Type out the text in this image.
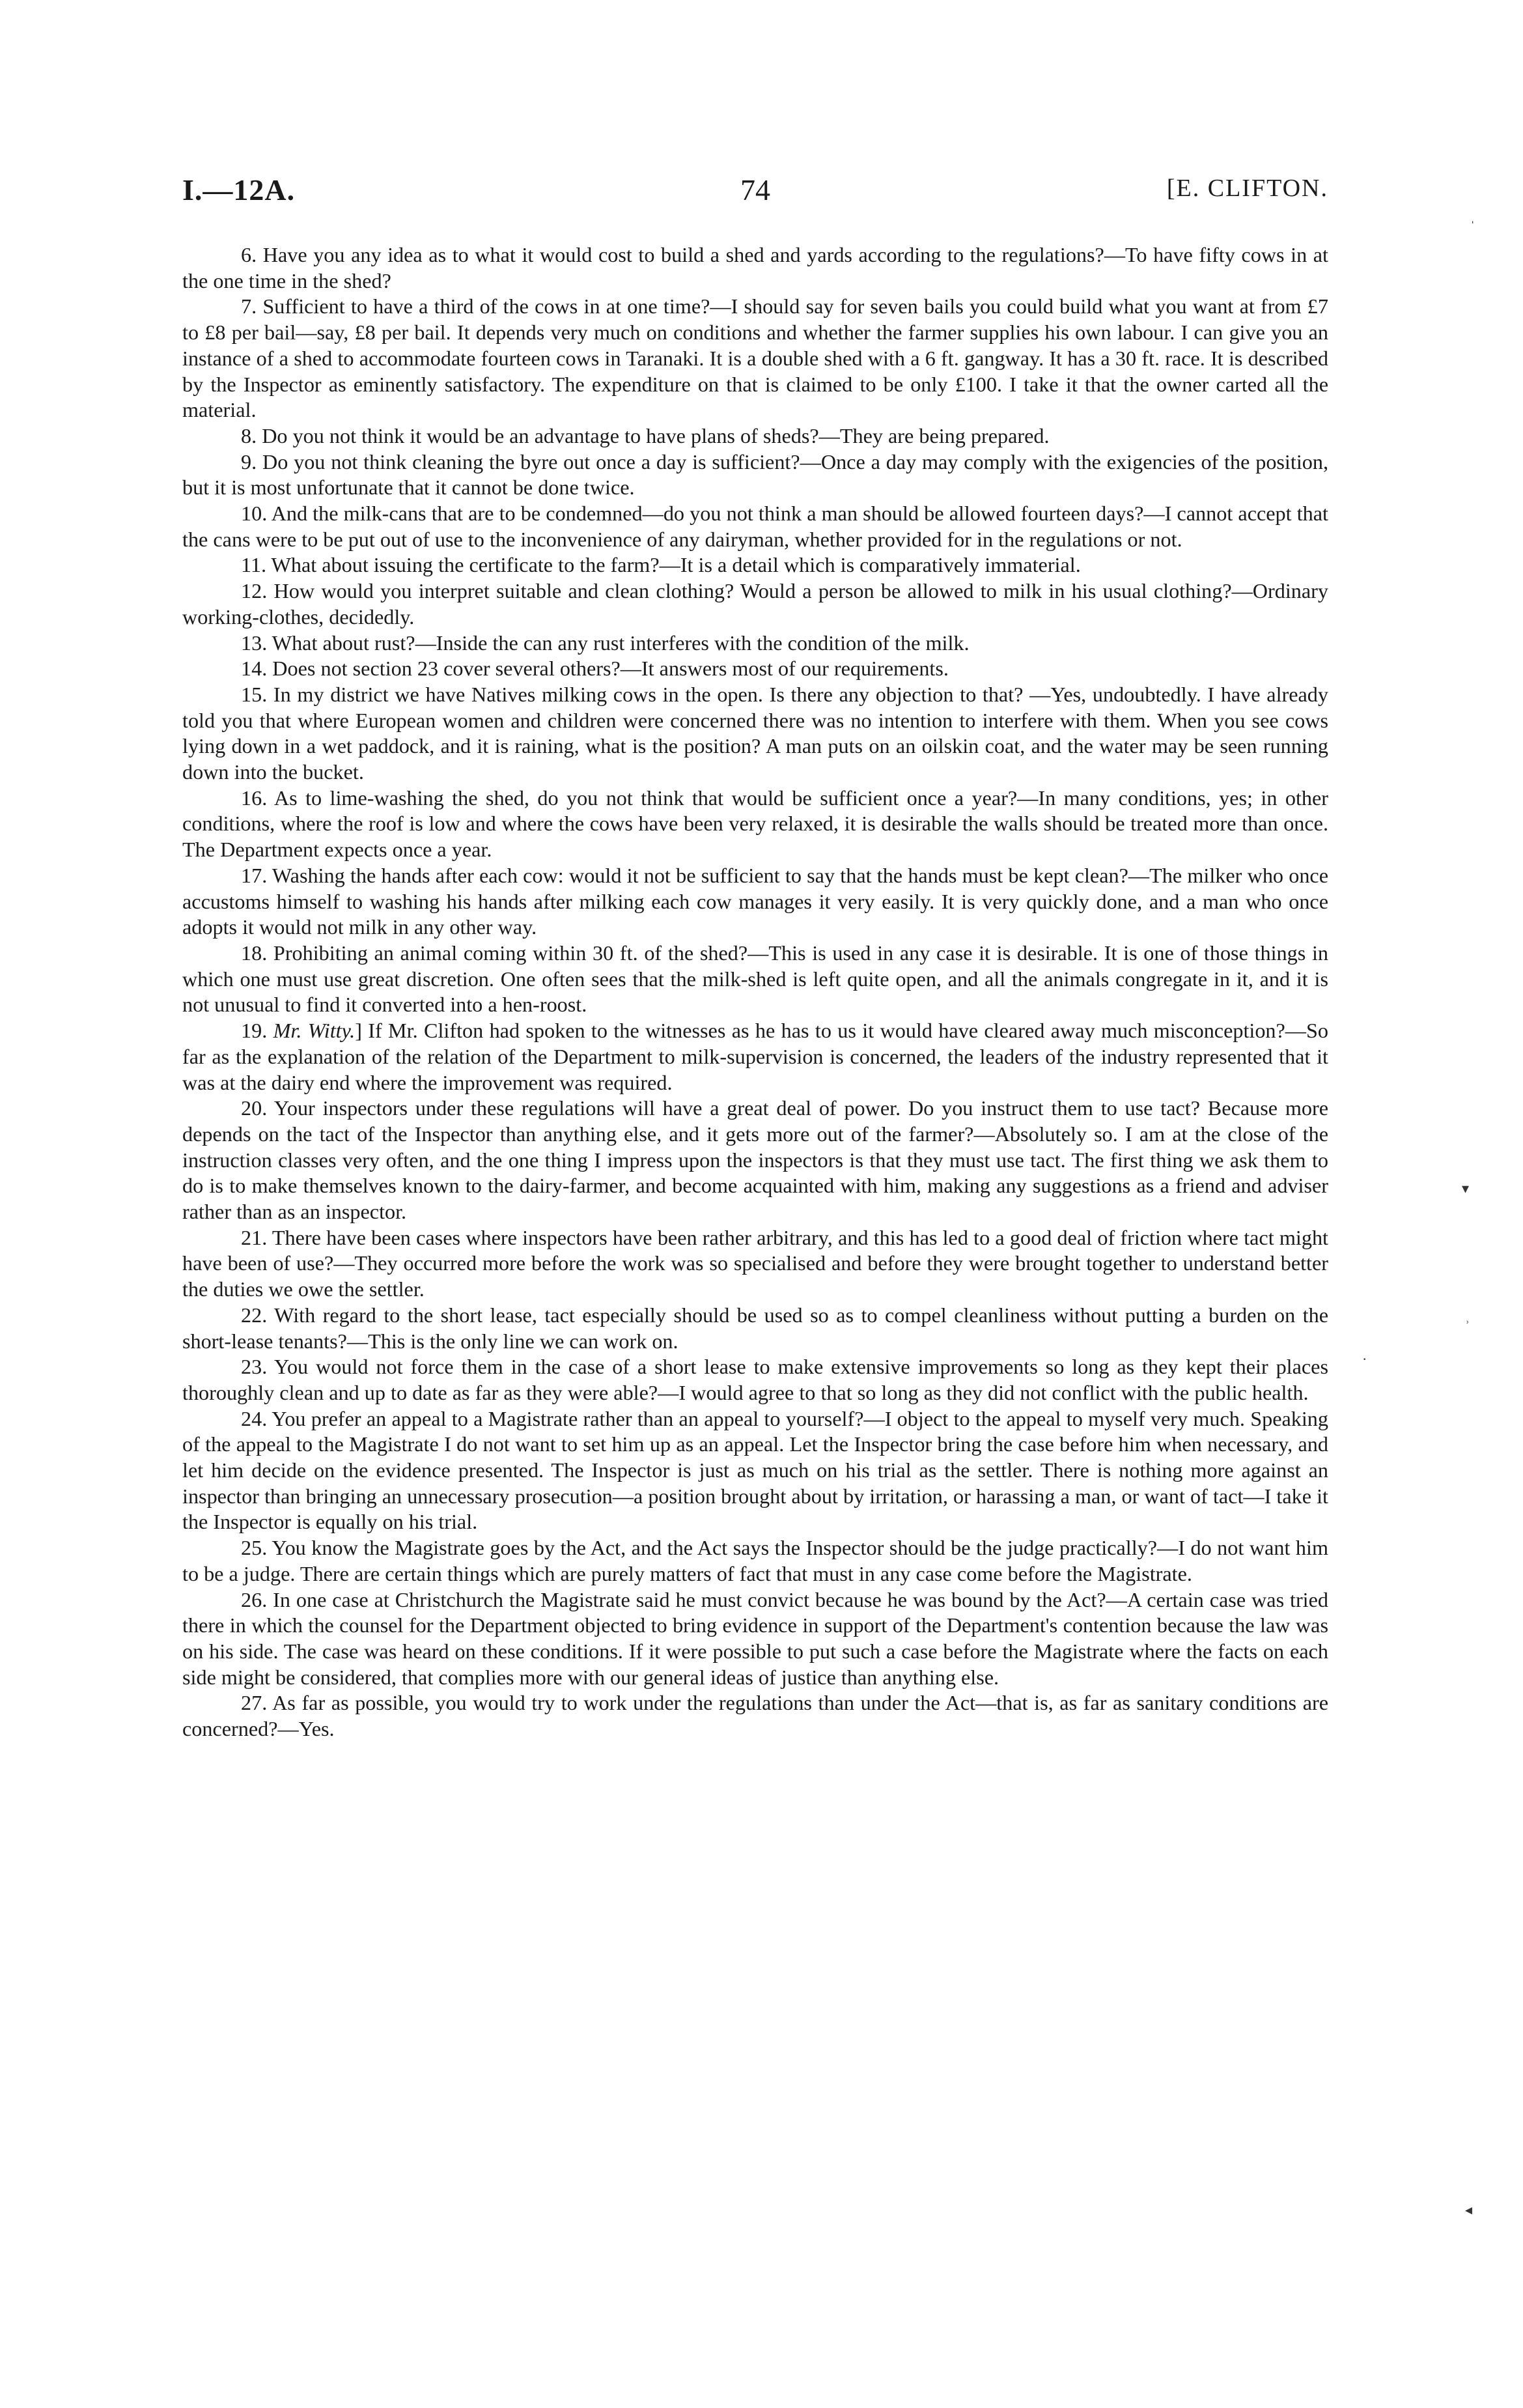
I.—12A.	74	[E. CLIFTON.

6. Have you any idea as to what it would cost to build a shed and yards according to the regulations?—To have fifty cows in at the one time in the shed?

7. Sufficient to have a third of the cows in at one time?—I should say for seven bails you could build what you want at from £7 to £8 per bail—say, £8 per bail. It depends very much on conditions and whether the farmer supplies his own labour. I can give you an instance of a shed to accommodate fourteen cows in Taranaki. It is a double shed with a 6 ft. gangway. It has a 30 ft. race. It is described by the Inspector as eminently satisfactory. The expenditure on that is claimed to be only £100. I take it that the owner carted all the material.

8. Do you not think it would be an advantage to have plans of sheds?—They are being prepared.

9. Do you not think cleaning the byre out once a day is sufficient?—Once a day may comply with the exigencies of the position, but it is most unfortunate that it cannot be done twice.

10. And the milk-cans that are to be condemned—do you not think a man should be allowed fourteen days?—I cannot accept that the cans were to be put out of use to the inconvenience of any dairyman, whether provided for in the regulations or not.

11. What about issuing the certificate to the farm?—It is a detail which is comparatively immaterial.

12. How would you interpret suitable and clean clothing? Would a person be allowed to milk in his usual clothing?—Ordinary working-clothes, decidedly.

13. What about rust?—Inside the can any rust interferes with the condition of the milk.

14. Does not section 23 cover several others?—It answers most of our requirements.

15. In my district we have Natives milking cows in the open. Is there any objection to that? —Yes, undoubtedly. I have already told you that where European women and children were concerned there was no intention to interfere with them. When you see cows lying down in a wet paddock, and it is raining, what is the position? A man puts on an oilskin coat, and the water may be seen running down into the bucket.

16. As to lime-washing the shed, do you not think that would be sufficient once a year?—In many conditions, yes; in other conditions, where the roof is low and where the cows have been very relaxed, it is desirable the walls should be treated more than once. The Department expects once a year.

17. Washing the hands after each cow: would it not be sufficient to say that the hands must be kept clean?—The milker who once accustoms himself to washing his hands after milking each cow manages it very easily. It is very quickly done, and a man who once adopts it would not milk in any other way.

18. Prohibiting an animal coming within 30 ft. of the shed?—This is used in any case it is desirable. It is one of those things in which one must use great discretion. One often sees that the milk-shed is left quite open, and all the animals congregate in it, and it is not unusual to find it converted into a hen-roost.

19. Mr. Witty.] If Mr. Clifton had spoken to the witnesses as he has to us it would have cleared away much misconception?—So far as the explanation of the relation of the Department to milk-supervision is concerned, the leaders of the industry represented that it was at the dairy end where the improvement was required.

20. Your inspectors under these regulations will have a great deal of power. Do you instruct them to use tact? Because more depends on the tact of the Inspector than anything else, and it gets more out of the farmer?—Absolutely so. I am at the close of the instruction classes very often, and the one thing I impress upon the inspectors is that they must use tact. The first thing we ask them to do is to make themselves known to the dairy-farmer, and become acquainted with him, making any suggestions as a friend and adviser rather than as an inspector.

21. There have been cases where inspectors have been rather arbitrary, and this has led to a good deal of friction where tact might have been of use?—They occurred more before the work was so specialised and before they were brought together to understand better the duties we owe the settler.

22. With regard to the short lease, tact especially should be used so as to compel cleanliness without putting a burden on the short-lease tenants?—This is the only line we can work on.

23. You would not force them in the case of a short lease to make extensive improvements so long as they kept their places thoroughly clean and up to date as far as they were able?—I would agree to that so long as they did not conflict with the public health.

24. You prefer an appeal to a Magistrate rather than an appeal to yourself?—I object to the appeal to myself very much. Speaking of the appeal to the Magistrate I do not want to set him up as an appeal. Let the Inspector bring the case before him when necessary, and let him decide on the evidence presented. The Inspector is just as much on his trial as the settler. There is nothing more against an inspector than bringing an unnecessary prosecution—a position brought about by irritation, or harassing a man, or want of tact—I take it the Inspector is equally on his trial.

25. You know the Magistrate goes by the Act, and the Act says the Inspector should be the judge practically?—I do not want him to be a judge. There are certain things which are purely matters of fact that must in any case come before the Magistrate.

26. In one case at Christchurch the Magistrate said he must convict because he was bound by the Act?—A certain case was tried there in which the counsel for the Department objected to bring evidence in support of the Department's contention because the law was on his side. The case was heard on these conditions. If it were possible to put such a case before the Magistrate where the facts on each side might be considered, that complies more with our general ideas of justice than anything else.

27. As far as possible, you would try to work under the regulations than under the Act—that is, as far as sanitary conditions are concerned?—Yes.

ˌ
▾
˒
·
◂
